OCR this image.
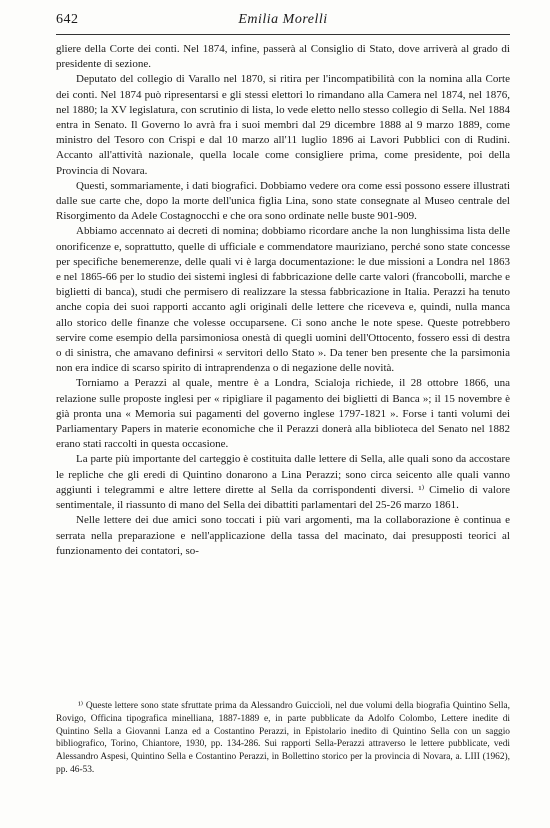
642	Emilia Morelli

gliere della Corte dei conti. Nel 1874, infine, passerà al Consiglio di Stato, dove arriverà al grado di presidente di sezione.

Deputato del collegio di Varallo nel 1870, si ritira per l'incompatibilità con la nomina alla Corte dei conti. Nel 1874 può ripresentarsi e gli stessi elettori lo rimandano alla Camera nel 1874, nel 1876, nel 1880; la XV legislatura, con scrutinio di lista, lo vede eletto nello stesso collegio di Sella. Nel 1884 entra in Senato. Il Governo lo avrà fra i suoi membri dal 29 dicembre 1888 al 9 marzo 1889, come ministro del Tesoro con Crispi e dal 10 marzo all'11 luglio 1896 ai Lavori Pubblici con di Rudinì. Accanto all'attività nazionale, quella locale come consigliere prima, come presidente, poi della Provincia di Novara.

Questi, sommariamente, i dati biografici. Dobbiamo vedere ora come essi possono essere illustrati dalle sue carte che, dopo la morte dell'unica figlia Lina, sono state consegnate al Museo centrale del Risorgimento da Adele Costagnocchi e che ora sono ordinate nelle buste 901-909.

Abbiamo accennato ai decreti di nomina; dobbiamo ricordare anche la non lunghissima lista delle onorificenze e, soprattutto, quelle di ufficiale e commendatore mauriziano, perché sono state concesse per specifiche benemerenze, delle quali vi è larga documentazione: le due missioni a Londra nel 1863 e nel 1865-66 per lo studio dei sistemi inglesi di fabbricazione delle carte valori (francobolli, marche e biglietti di banca), studi che permisero di realizzare la stessa fabbricazione in Italia. Perazzi ha tenuto anche copia dei suoi rapporti accanto agli originali delle lettere che riceveva e, quindi, nulla manca allo storico delle finanze che volesse occuparsene. Ci sono anche le note spese. Queste potrebbero servire come esempio della parsimoniosa onestà di quegli uomini dell'Ottocento, fossero essi di destra o di sinistra, che amavano definirsi « servitori dello Stato ». Da tener ben presente che la parsimonia non era indice di scarso spirito di intraprendenza o di negazione delle novità.

Torniamo a Perazzi al quale, mentre è a Londra, Scialoja richiede, il 28 ottobre 1866, una relazione sulle proposte inglesi per « ripigliare il pagamento dei biglietti di Banca »; il 15 novembre è già pronta una « Memoria sui pagamenti del governo inglese 1797-1821 ». Forse i tanti volumi dei Parliamentary Papers in materie economiche che il Perazzi donerà alla biblioteca del Senato nel 1882 erano stati raccolti in questa occasione.

La parte più importante del carteggio è costituita dalle lettere di Sella, alle quali sono da accostare le repliche che gli eredi di Quintino donarono a Lina Perazzi; sono circa seicento alle quali vanno aggiunti i telegrammi e altre lettere dirette al Sella da corrispondenti diversi. ¹⁾ Cimelio di valore sentimentale, il riassunto di mano del Sella dei dibattiti parlamentari del 25-26 marzo 1861.

Nelle lettere dei due amici sono toccati i più vari argomenti, ma la collaborazione è continua e serrata nella preparazione e nell'applicazione della tassa del macinato, dai presupposti teorici al funzionamento dei contatori, so-

¹⁾ Queste lettere sono state sfruttate prima da Alessandro Guiccioli, nel due volumi della biografia Quintino Sella, Rovigo, Officina tipografica minelliana, 1887-1889 e, in parte pubblicate da Adolfo Colombo, Lettere inedite di Quintino Sella a Giovanni Lanza ed a Costantino Perazzi, in Epistolario inedito di Quintino Sella con un saggio bibliografico, Torino, Chiantore, 1930, pp. 134-286. Sui rapporti Sella-Perazzi attraverso le lettere pubblicate, vedi Alessandro Aspesi, Quintino Sella e Costantino Perazzi, in Bollettino storico per la provincia di Novara, a. LIII (1962), pp. 46-53.
